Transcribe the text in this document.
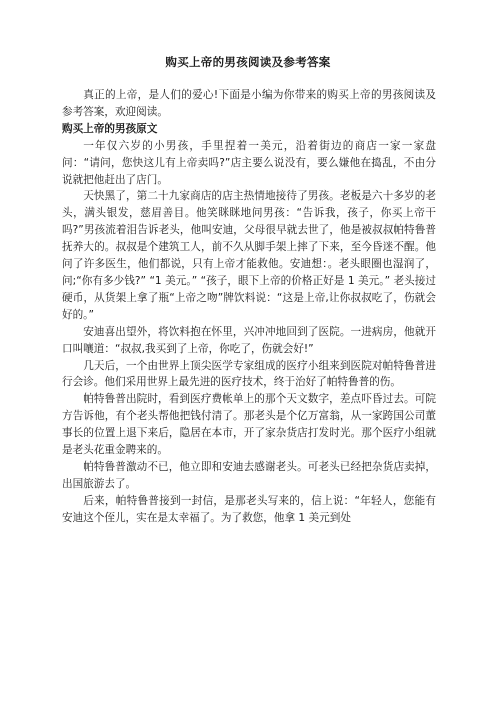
购买上帝的男孩阅读及参考答案

真正的上帝，是人们的爱心!下面是小编为你带来的购买上帝的男孩阅读及参考答案，欢迎阅读。

购买上帝的男孩原文

一年仅六岁的小男孩，手里捏着一美元，沿着街边的商店一家一家盘问：“请问，您快这儿有上帝卖吗?”店主要么说没有，要么嫌他在捣乱，不由分说就把他赶出了店门。

天快黑了，第二十九家商店的店主热情地接待了男孩。老板是六十多岁的老头，满头银发，慈眉善目。他笑眯眯地问男孩：“告诉我，孩子，你买上帝干吗?”男孩流着泪告诉老头，他叫安迪，父母很早就去世了，他是被叔叔帕特鲁普抚养大的。叔叔是个建筑工人，前不久从脚手架上摔了下来，至今昏迷不醒。他问了许多医生，他们都说，只有上帝才能救他。安迪想：。老头眼圈也湿润了，问;“你有多少钱?” “1 美元。” “孩子，眼下上帝的价格正好是 1 美元。” 老头接过硬币，从货架上拿了瓶“上帝之吻”牌饮料说：“这是上帝,让你叔叔吃了，伤就会好的。”

安迪喜出望外，将饮料抱在怀里，兴冲冲地回到了医院。一进病房，他就开口叫嚷道：“叔叔,我买到了上帝，你吃了，伤就会好!”

几天后，一个由世界上顶尖医学专家组成的医疗小组来到医院对帕特鲁普进行会诊。他们采用世界上最先进的医疗技术，终于治好了帕特鲁普的伤。

帕特鲁普出院时，看到医疗费帐单上的那个天文数字，差点吓昏过去。可院方告诉他，有个老头帮他把钱付清了。那老头是个亿万富翁，从一家跨国公司董事长的位置上退下来后，隐居在本市，开了家杂货店打发时光。那个医疗小组就是老头花重金聘来的。

帕特鲁普激动不已，他立即和安迪去感谢老头。可老头已经把杂货店卖掉，出国旅游去了。

后来，帕特鲁普接到一封信，是那老头写来的，信上说：“年轻人，您能有安迪这个侄儿，实在是太幸福了。为了救您，他拿 1 美元到处
